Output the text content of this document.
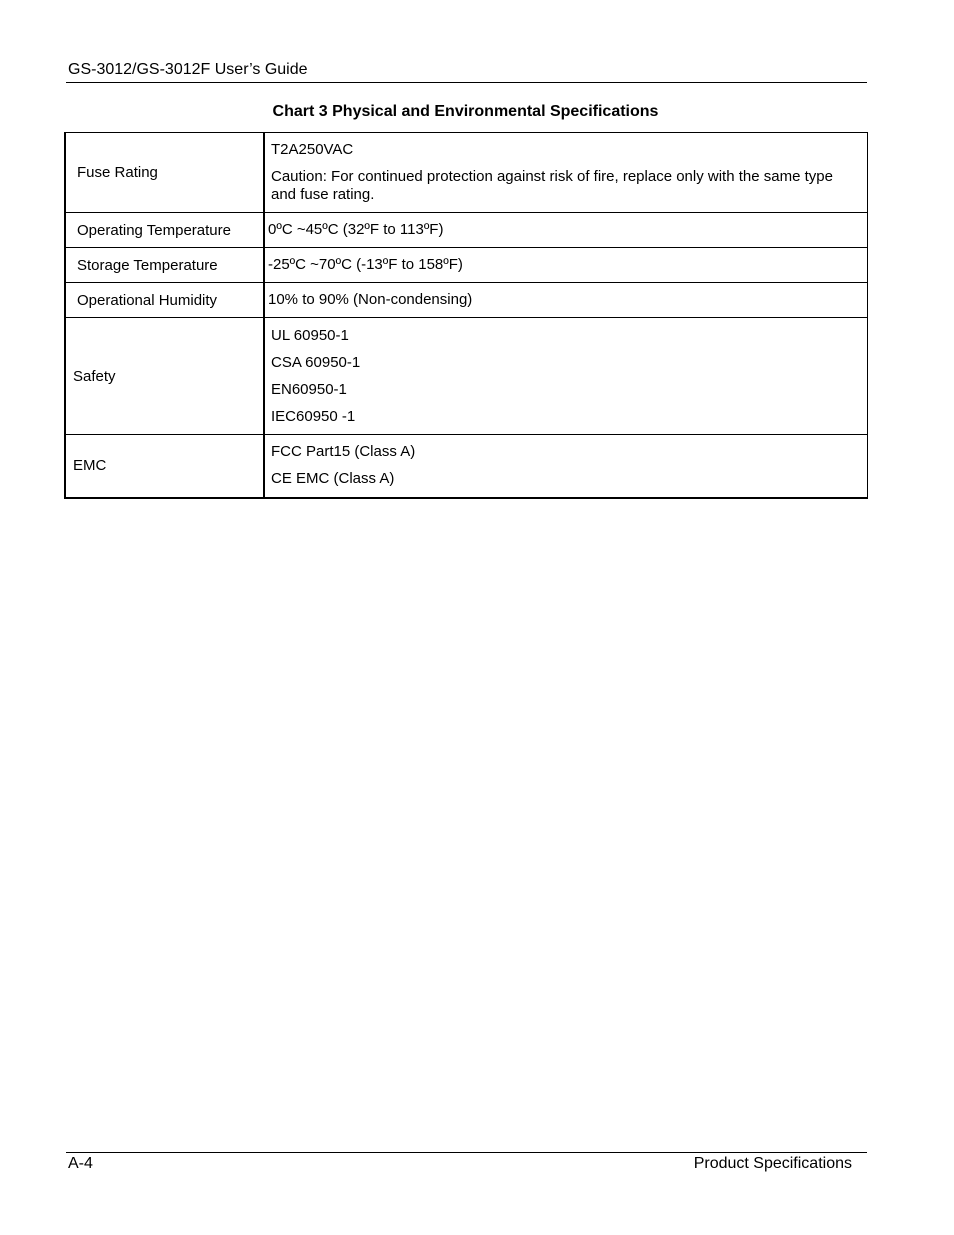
GS-3012/GS-3012F User’s Guide
Chart 3 Physical and Environmental Specifications
Fuse Rating	T2A250VAC
Caution: For continued protection against risk of fire, replace only with the same type and fuse rating.

Operating Temperature	0ºC ~45ºC (32ºF to 113ºF)

Storage Temperature	-25ºC ~70ºC (-13ºF to 158ºF)

Operational Humidity	10% to 90% (Non-condensing)

Safety	UL 60950-1
CSA 60950-1
EN60950-1
IEC60950 -1

EMC	FCC Part15 (Class A)
CE EMC (Class A)
A-4	Product Specifications
